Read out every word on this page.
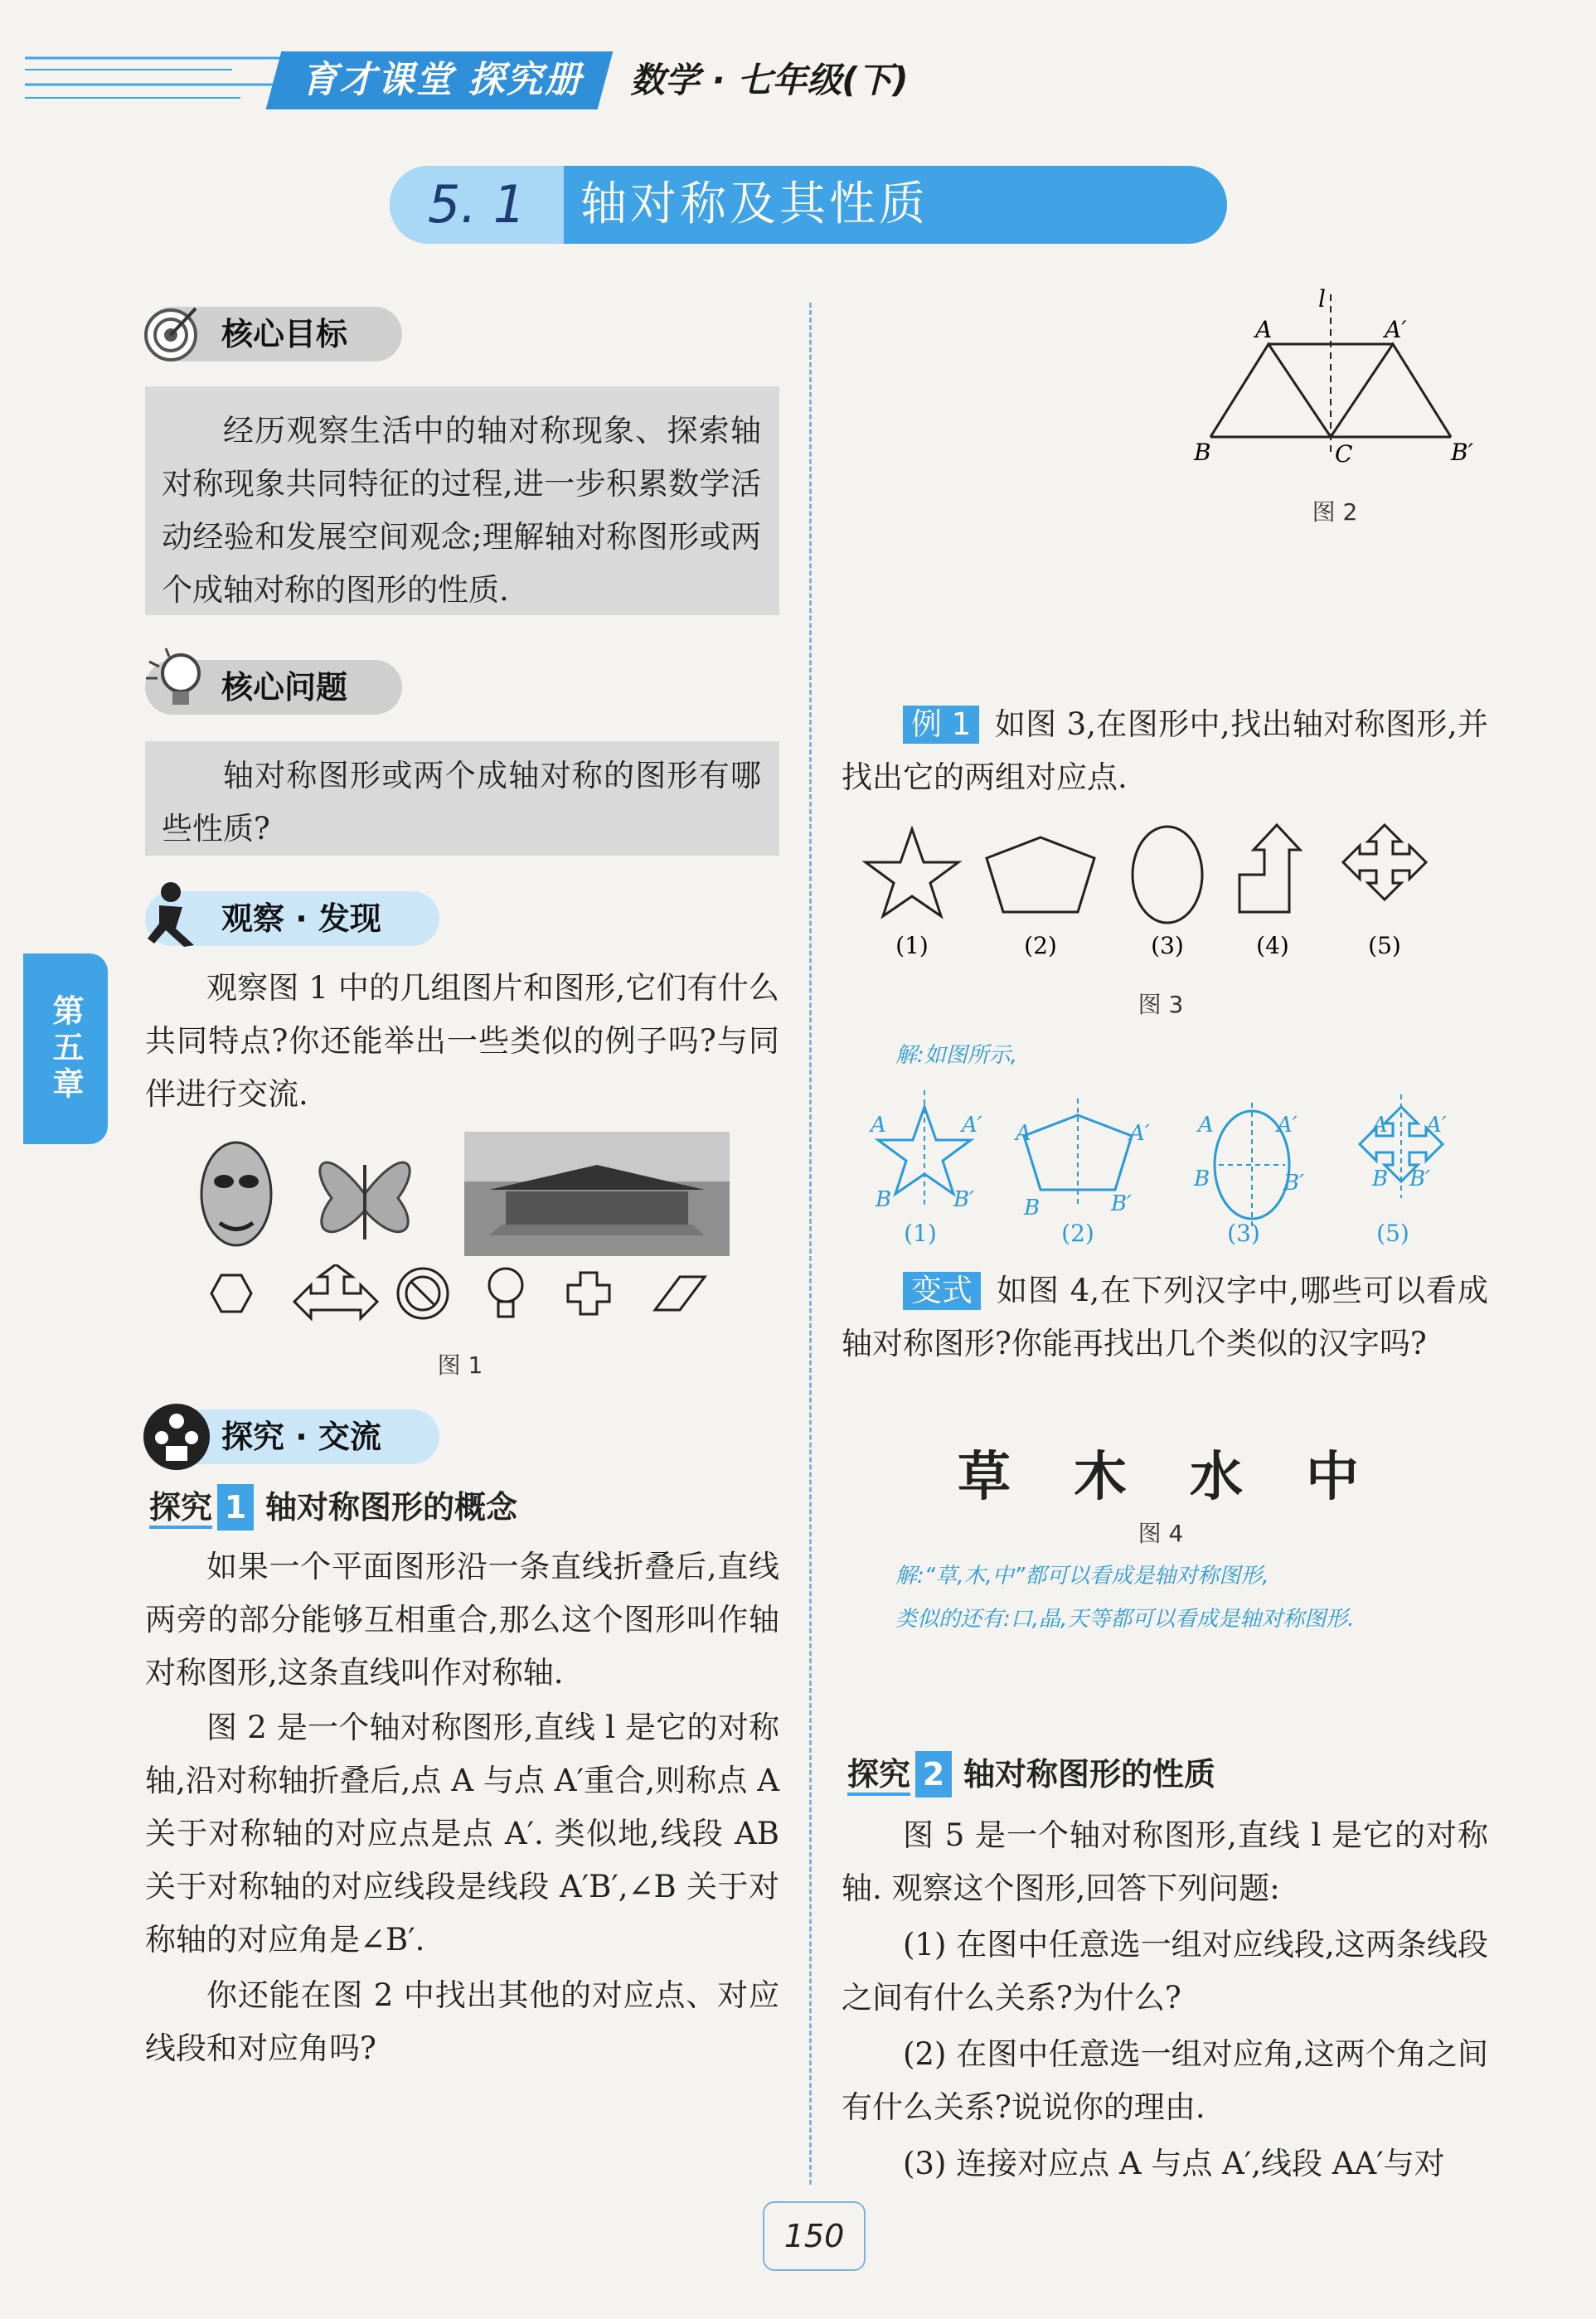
育才课堂 探究册	数学 · 七年级(下)
5. 1	轴对称及其性质
第五章
核心目标
经历观察生活中的轴对称现象、探索轴对称现象共同特征的过程,进一步积累数学活动经验和发展空间观念;理解轴对称图形或两个成轴对称的图形的性质.
核心问题
轴对称图形或两个成轴对称的图形有哪些性质?
观察 · 发现
观察图 1 中的几组图片和图形,它们有什么共同特点?你还能举出一些类似的例子吗?与同伴进行交流.
图 1
探究 · 交流
探究 1 轴对称图形的概念
如果一个平面图形沿一条直线折叠后,直线两旁的部分能够互相重合,那么这个图形叫作轴对称图形,这条直线叫作对称轴.
图 2 是一个轴对称图形,直线 l 是它的对称轴,沿对称轴折叠后,点 A 与点 A′重合,则称点 A 关于对称轴的对应点是点 A′. 类似地,线段 AB 关于对称轴的对应线段是线段 A′B′,∠B 关于对称轴的对应角是∠B′.
你还能在图 2 中找出其他的对应点、对应线段和对应角吗?
l
A	A′
B	C	B′
图 2
例 1 如图 3,在图形中,找出轴对称图形,并找出它的两组对应点.
(1)	(2)	(3)	(4)	(5)
图 3
解:如图所示,
A	A′
B	B′
A	A′
B	B′
A	A′
B	B′
A A′
B B′
(1)	(2)	(3)	(5)
变式 如图 4,在下列汉字中,哪些可以看成轴对称图形?你能再找出几个类似的汉字吗?
草 木 水 中
图 4
解:“草,木,中”都可以看成是轴对称图形,
类似的还有:口,晶,天等都可以看成是轴对称图形.
探究 2 轴对称图形的性质
图 5 是一个轴对称图形,直线 l 是它的对称轴. 观察这个图形,回答下列问题:
(1) 在图中任意选一组对应线段,这两条线段之间有什么关系?为什么?
(2) 在图中任意选一组对应角,这两个角之间有什么关系?说说你的理由.
(3) 连接对应点 A 与点 A′,线段 AA′与对
150
